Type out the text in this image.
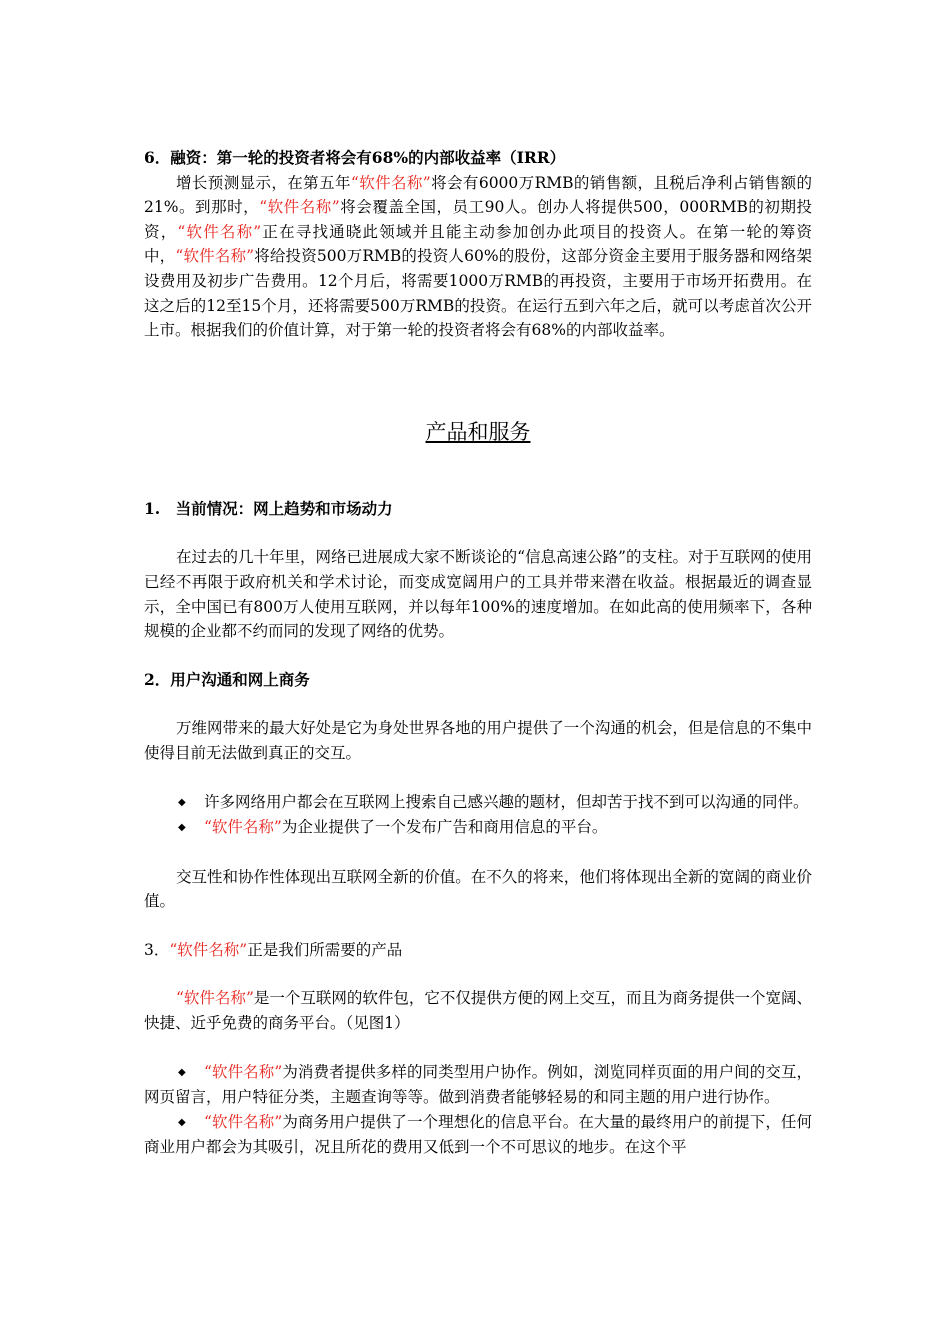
6．融资：第一轮的投资者将会有68%的内部收益率（IRR）

增长预测显示，在第五年“软件名称”将会有6000万RMB的销售额，且税后净利占销售额的21%。到那时，“软件名称”将会覆盖全国，员工90人。创办人将提供500，000RMB的初期投资，“软件名称”正在寻找通晓此领域并且能主动参加创办此项目的投资人。在第一轮的筹资中，“软件名称”将给投资500万RMB的投资人60%的股份，这部分资金主要用于服务器和网络架设费用及初步广告费用。12个月后，将需要1000万RMB的再投资，主要用于市场开拓费用。在这之后的12至15个月，还将需要500万RMB的投资。在运行五到六年之后，就可以考虑首次公开上市。根据我们的价值计算，对于第一轮的投资者将会有68%的内部收益率。

产品和服务

1.　当前情况：网上趋势和市场动力

在过去的几十年里，网络已进展成大家不断谈论的“信息高速公路”的支柱。对于互联网的使用已经不再限于政府机关和学术讨论，而变成宽阔用户的工具并带来潜在收益。根据最近的调查显示，全中国已有800万人使用互联网，并以每年100%的速度增加。在如此高的使用频率下，各种规模的企业都不约而同的发现了网络的优势。

2．用户沟通和网上商务

万维网带来的最大好处是它为身处世界各地的用户提供了一个沟通的机会，但是信息的不集中使得目前无法做到真正的交互。

◆ 许多网络用户都会在互联网上搜索自己感兴趣的题材，但却苦于找不到可以沟通的同伴。

◆ “软件名称”为企业提供了一个发布广告和商用信息的平台。

交互性和协作性体现出互联网全新的价值。在不久的将来，他们将体现出全新的宽阔的商业价值。

3．“软件名称”正是我们所需要的产品

“软件名称”是一个互联网的软件包，它不仅提供方便的网上交互，而且为商务提供一个宽阔、快捷、近乎免费的商务平台。（见图1）

◆ “软件名称”为消费者提供多样的同类型用户协作。例如，浏览同样页面的用户间的交互，网页留言，用户特征分类，主题查询等等。做到消费者能够轻易的和同主题的用户进行协作。

◆ “软件名称”为商务用户提供了一个理想化的信息平台。在大量的最终用户的前提下，任何商业用户都会为其吸引，况且所花的费用又低到一个不可思议的地步。在这个平
